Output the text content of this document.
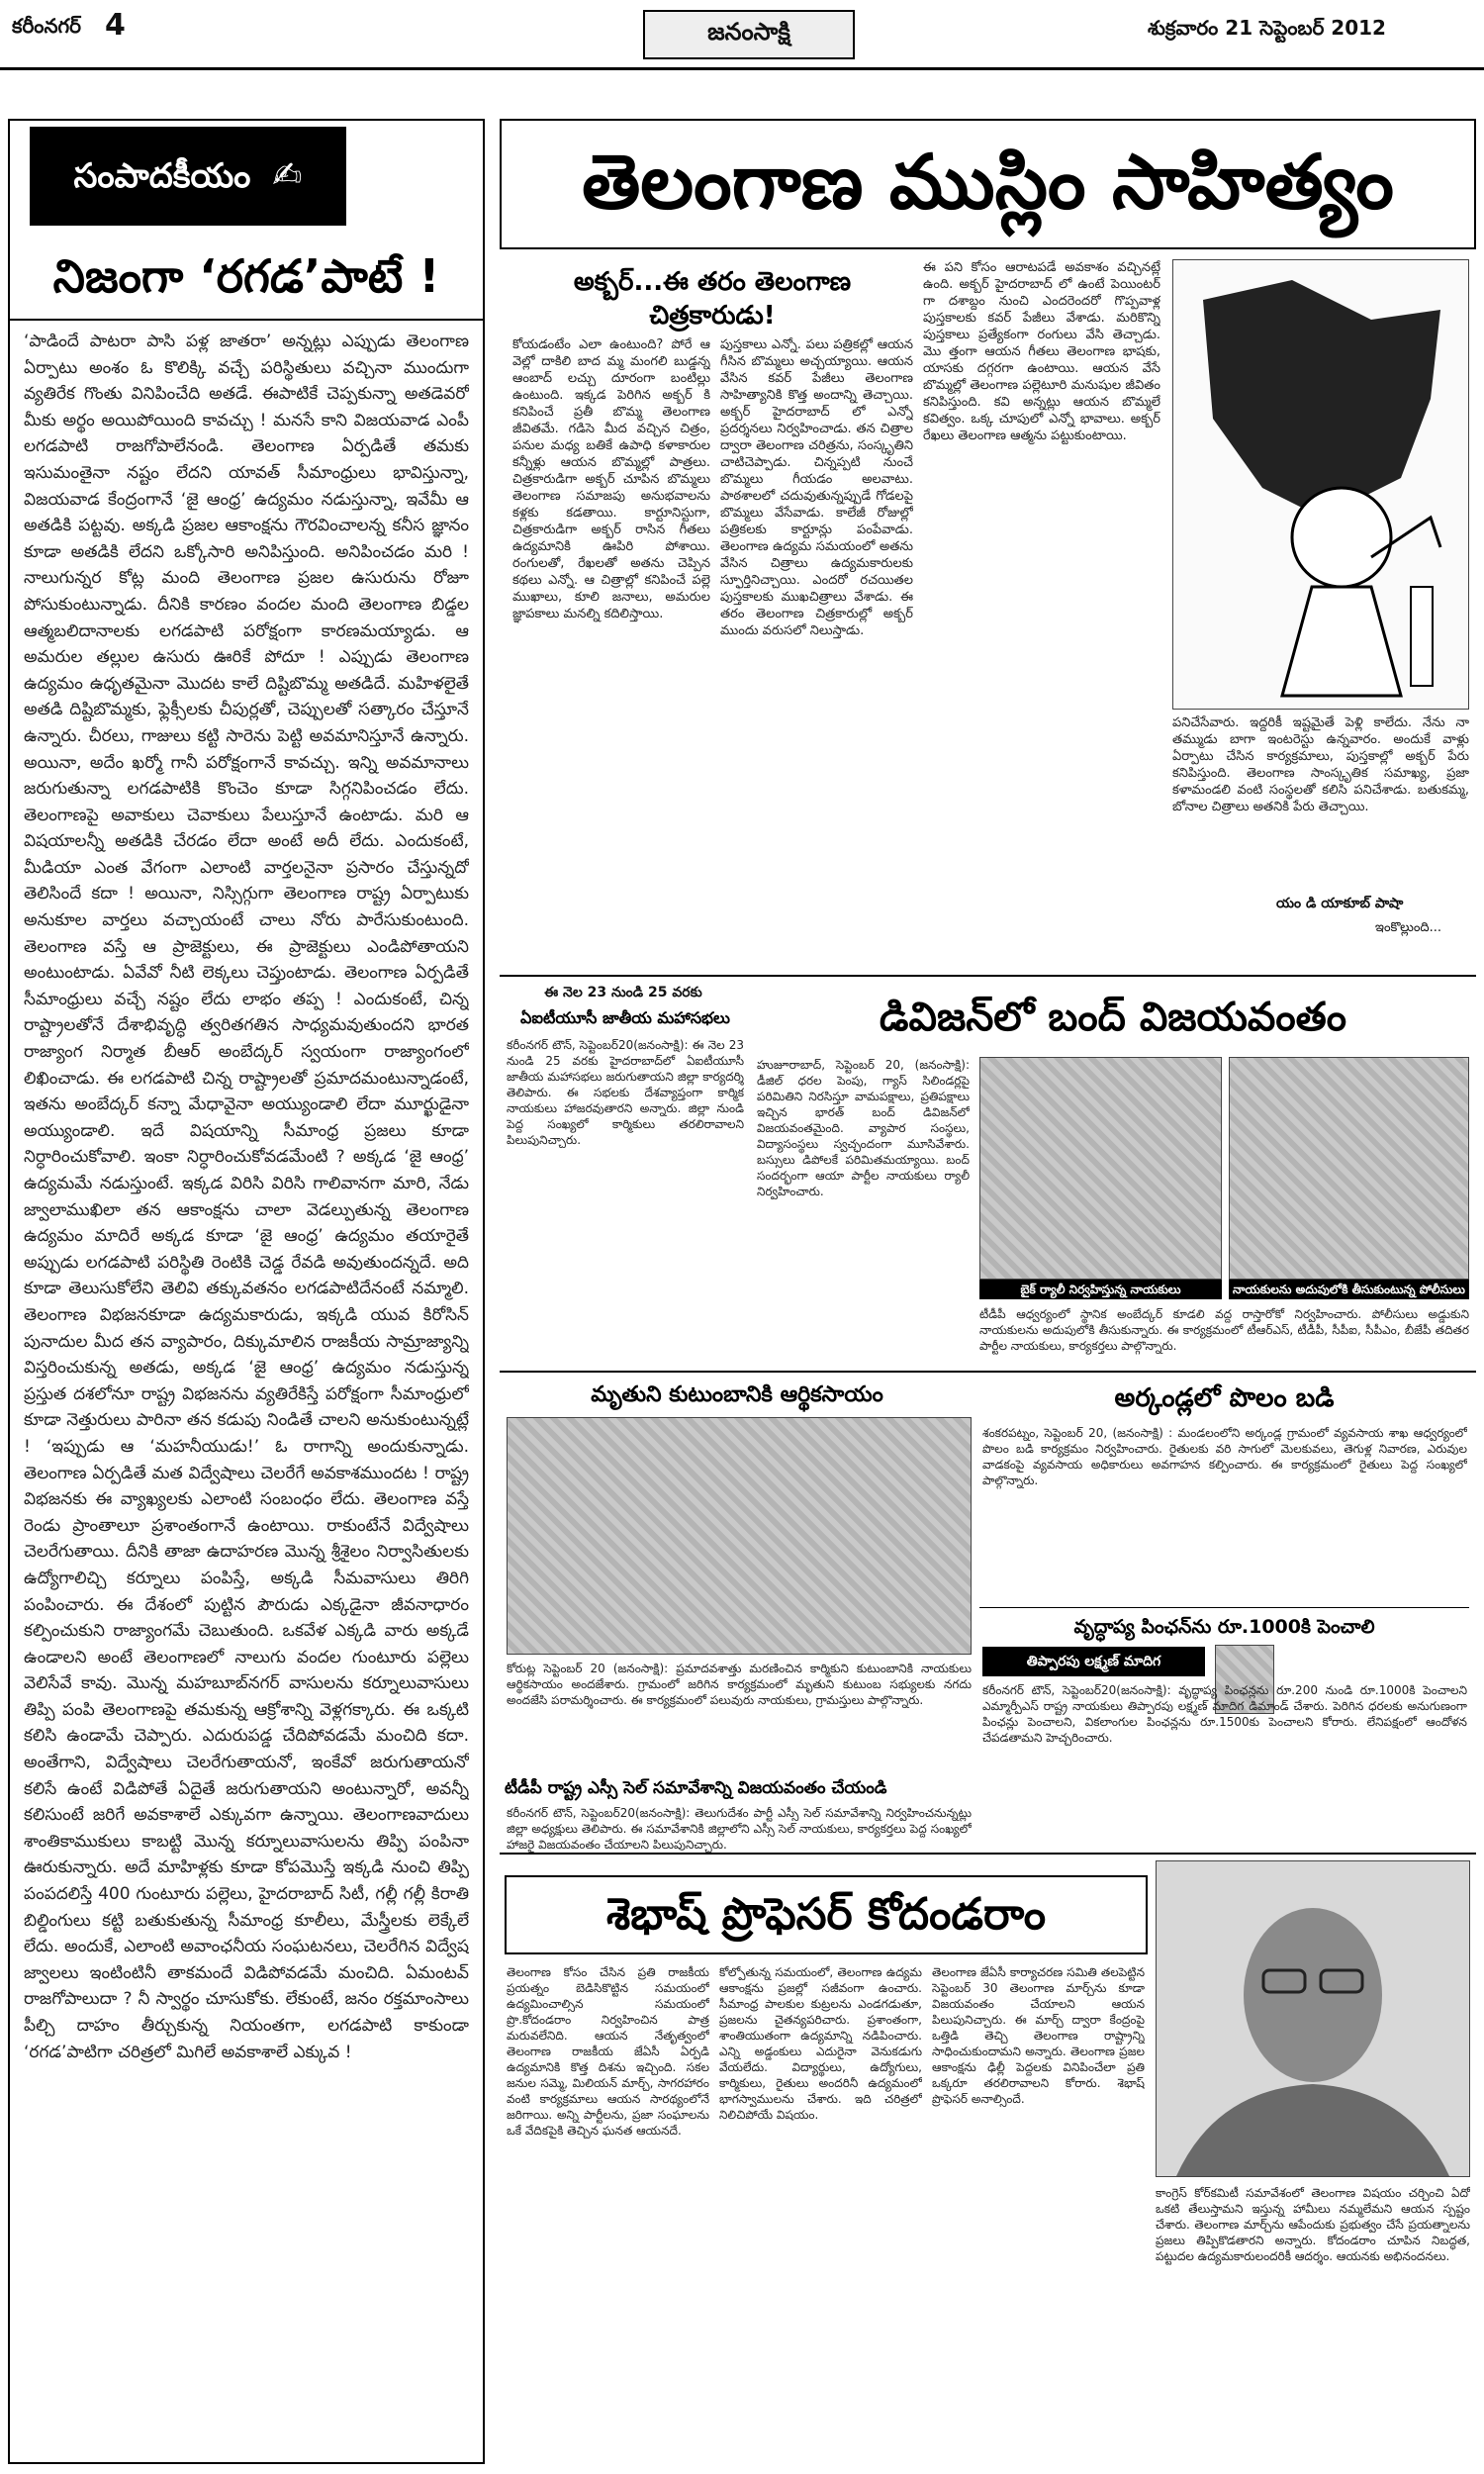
కరీంనగర్ 4	జనంసాక్షి	శుక్రవారం 21 సెప్టెంబర్ 2012
సంపాదకీయం ✍
నిజంగా ‘రగడ’పాటే !
‘పాడిందే పాటరా పాసి పళ్ల జాతరా’ అన్నట్లు ఎప్పుడు తెలంగాణ ఏర్పాటు అంశం ఓ కొలిక్కి వచ్చే పరిస్థితులు వచ్చినా ముందుగా వ్యతిరేక గొంతు వినిపించేది అతడే. ఈపాటికే చెప్పకున్నా అతడెవరో మీకు అర్థం అయిపోయింది కావచ్చు ! మనసే కాని విజయవాడ ఎంపీ లగడపాటి రాజగోపాలేనండి. తెలంగాణ ఏర్పడితే తమకు ఇసుమంతైనా నష్టం లేదని యావత్ సీమాంధ్రులు భావిస్తున్నా, విజయవాడ కేంద్రంగానే ‘జై ఆంధ్ర’ ఉద్యమం నడుస్తున్నా, ఇవేమీ ఆ అతడికి పట్టవు. అక్కడి ప్రజల ఆకాంక్షను గౌరవించాలన్న కనీస జ్ఞానం కూడా అతడికి లేదని ఒక్కోసారి అనిపిస్తుంది. అనిపించడం మరి ! నాలుగున్నర కోట్ల మంది తెలంగాణ ప్రజల ఉసురును రోజూ పోసుకుంటున్నాడు. దీనికి కారణం వందల మంది తెలంగాణ బిడ్డల ఆత్మబలిదానాలకు లగడపాటి పరోక్షంగా కారణమయ్యాడు. ఆ అమరుల తల్లుల ఉసురు ఊరికే పోదూ ! ఎప్పుడు తెలంగాణ ఉద్యమం ఉధృతమైనా మొదట కాలే దిష్టిబొమ్మ అతడిదే. మహిళలైతే అతడి దిష్టిబొమ్మకు, ఫ్లెక్సీలకు చీపుర్లతో, చెప్పులతో సత్కారం చేస్తూనే ఉన్నారు. చీరలు, గాజులు కట్టి సారెను పెట్టి అవమానిస్తూనే ఉన్నారు. అయినా, అదేం ఖర్మో గానీ పరోక్షంగానే కావచ్చు. ఇన్ని అవమానాలు జరుగుతున్నా లగడపాటికి కొంచెం కూడా సిగ్గనిపించడం లేదు. తెలంగాణపై అవాకులు చెవాకులు పేలుస్తూనే ఉంటాడు. మరి ఆ విషయాలన్నీ అతడికి చేరడం లేదా అంటే అదీ లేదు. ఎందుకంటే, మీడియా ఎంత వేగంగా ఎలాంటి వార్తలనైనా ప్రసారం చేస్తున్నదో తెలిసిందే కదా ! అయినా, నిస్సిగ్గుగా తెలంగాణ రాష్ట్ర ఏర్పాటుకు అనుకూల వార్తలు వచ్చాయంటే చాలు నోరు పారేసుకుంటుంది. తెలంగాణ వస్తే ఆ ప్రాజెక్టులు, ఈ ప్రాజెక్టులు ఎండిపోతాయని అంటుంటాడు. ఏవేవో నీటి లెక్కలు చెప్తుంటాడు. తెలంగాణ ఏర్పడితే సీమాంధ్రులు వచ్చే నష్టం లేదు లాభం తప్ప ! ఎందుకంటే, చిన్న రాష్ట్రాలతోనే దేశాభివృద్ధి త్వరితగతిన సాధ్యమవుతుందని భారత రాజ్యాంగ నిర్మాత బీఆర్ అంబేద్కర్ స్వయంగా రాజ్యాంగంలో లిఖించాడు. ఈ లగడపాటి చిన్న రాష్ట్రాలతో ప్రమాదమంటున్నాడంటే, ఇతను అంబేద్కర్ కన్నా మేధావైనా అయ్యుండాలి లేదా మూర్ఖుడైనా అయ్యుండాలి. ఇదే విషయాన్ని సీమాంధ్ర ప్రజలు కూడా నిర్ధారించుకోవాలి. ఇంకా నిర్ధారించుకోవడమేంటి ? అక్కడ ‘జై ఆంధ్ర’ ఉద్యమమే నడుస్తుంటే. ఇక్కడ విరిసి విరిసి గాలివానగా మారి, నేడు జ్వాలాముఖిలా తన ఆకాంక్షను చాలా వెడల్పుతున్న తెలంగాణ ఉద్యమం మాదిరే అక్కడ కూడా ‘జై ఆంధ్ర’ ఉద్యమం తయారైతే అప్పుడు లగడపాటి పరిస్థితి రెంటికి చెడ్డ రేవడి అవుతుందన్నదే. అది కూడా తెలుసుకోలేని తెలివి తక్కువతనం లగడపాటిదేనంటే నమ్మాలి. తెలంగాణ విభజనకూడా ఉద్యమకారుడు, ఇక్కడి యువ కిరోసిన్ పునాదుల మీద తన వ్యాపారం, దిక్కుమాలిన రాజకీయ సామ్రాజ్యాన్ని విస్తరించుకున్న అతడు, అక్కడ ‘జై ఆంధ్ర’ ఉద్యమం నడుస్తున్న ప్రస్తుత దశలోనూ రాష్ట్ర విభజనను వ్యతిరేకిస్తే పరోక్షంగా సీమాంధ్రులో కూడా నెత్తురులు పారినా తన కడుపు నిండితే చాలని అనుకుంటున్నట్లే ! ‘ఇప్పుడు ఆ ‘మహనీయుడు!’ ఓ రాగాన్ని అందుకున్నాడు. తెలంగాణ ఏర్పడితే మత విద్వేషాలు చెలరేగే అవకాశముందట ! రాష్ట్ర విభజనకు ఈ వ్యాఖ్యలకు ఎలాంటి సంబంధం లేదు. తెలంగాణ వస్తే రెండు ప్రాంతాలూ ప్రశాంతంగానే ఉంటాయి. రాకుంటేనే విద్వేషాలు చెలరేగుతాయి. దీనికి తాజా ఉదాహరణ మొన్న శ్రీశైలం నిర్వాసితులకు ఉద్యోగాలిచ్చి కర్నూలు పంపిస్తే, అక్కడి సీమవాసులు తిరిగి పంపించారు. ఈ దేశంలో పుట్టిన పౌరుడు ఎక్కడైనా జీవనాధారం కల్పించుకుని రాజ్యాంగమే చెబుతుంది. ఒకవేళ ఎక్కడి వారు అక్కడే ఉండాలని అంటే తెలంగాణలో నాలుగు వందల గుంటూరు పల్లెలు వెలిసేవే కావు. మొన్న మహబూబ్‌నగర్‌ వాసులను కర్నూలువాసులు తిప్పి పంపి తెలంగాణపై తమకున్న ఆక్రోశాన్ని వెళ్లగక్కారు. ఈ ఒక్కటి కలిసి ఉండామే చెప్పారు. ఎదురుపడ్డ చేదిపోవడమే మంచిది కదా. అంతేగాని, విద్వేషాలు చెలరేగుతాయనో, ఇంకేవో జరుగుతాయనో కలిసే ఉంటే విడిపోతే ఏదైతే జరుగుతాయని అంటున్నారో, అవన్నీ కలిసుంటే జరిగే అవకాశాలే ఎక్కువగా ఉన్నాయి. తెలంగాణవాదులు శాంతికాముకులు కాబట్టి మొన్న కర్నూలువాసులను తిప్పి పంపినా ఊరుకున్నారు. అదే మాహిళ్లకు కూడా కోపమొస్తే ఇక్కడి నుంచి తిప్పి పంపదలిస్తే 400 గుంటూరు పల్లెలు, హైదరాబాద్ సిటీ, గల్లీ గల్లీ కిరాతి బిల్డింగులు కట్టి బతుకుతున్న సీమాంధ్ర కూలీలు, మేస్త్రీలకు లెక్కేలే లేదు. అందుకే, ఎలాంటి అవాంఛనీయ సంఘటనలు, చెలరేగిన విద్వేష జ్వాలలు ఇంటింటినీ తాకమందే విడిపోవడమే మంచిది. ఏమంటవ్ రాజగోపాలుదా ? నీ స్వార్థం చూసుకోకు. లేకుంటే, జనం రక్తమాంసాలు పీల్చి దాహం తీర్చుకున్న నియంతగా, లగడపాటి కాకుండా ‘రగడ’పాటిగా చరిత్రలో మిగిలే అవకాశాలే ఎక్కువ !
తెలంగాణ ముస్లిం సాహిత్యం
అక్బర్‌...ఈ తరం తెలంగాణ చిత్రకారుడు!
కోయడంటేం ఎలా ఉంటుంది? పోరే ఆ వెల్లో దాకిలి బాద మ్మ మంగలి బుడ్డన్న ఆంబాద్ లచ్చు దూరంగా బంటిల్లు ఉంటుంది. ఇక్కడ పెరిగిన అక్బర్ కి కనిపించే ప్రతీ బొమ్మ తెలంగాణ జీవితమే. గడిసె మీద వచ్చిన చిత్రం, పనుల మధ్య బతికే ఉపాధి కళాకారుల కన్నీళ్లు ఆయన బొమ్మల్లో పాత్రలు. చిత్రకారుడిగా అక్బర్ చూపిన బొమ్మలు తెలంగాణ సమాజపు అనుభవాలను కళ్లకు కడతాయి. కార్టూనిస్టుగా, చిత్రకారుడిగా అక్బర్ రాసిన గీతలు ఉద్యమానికి ఊపిరి పోశాయి. రంగులతో, రేఖలతో అతను చెప్పిన కథలు ఎన్నో. ఆ చిత్రాల్లో కనిపించే పల్లె ముఖాలు, కూలి జనాలు, అమరుల జ్ఞాపకాలు మనల్ని కదిలిస్తాయి.
పుస్తకాలు ఎన్నో. పలు పత్రికల్లో ఆయన గీసిన బొమ్మలు అచ్చయ్యాయి. ఆయన వేసిన కవర్ పేజీలు తెలంగాణ సాహిత్యానికి కొత్త అందాన్ని తెచ్చాయి. అక్బర్ హైదరాబాద్ లో ఎన్నో ప్రదర్శనలు నిర్వహించాడు. తన చిత్రాల ద్వారా తెలంగాణ చరిత్రను, సంస్కృతిని చాటిచెప్పాడు. చిన్నప్పటి నుంచే బొమ్మలు గీయడం అలవాటు. పాఠశాలలో చదువుతున్నప్పుడే గోడలపై బొమ్మలు వేసేవాడు. కాలేజీ రోజుల్లో పత్రికలకు కార్టూన్లు పంపేవాడు. తెలంగాణ ఉద్యమ సమయంలో అతను వేసిన చిత్రాలు ఉద్యమకారులకు స్ఫూర్తినిచ్చాయి. ఎందరో రచయితల పుస్తకాలకు ముఖచిత్రాలు వేశాడు. ఈ తరం తెలంగాణ చిత్రకారుల్లో అక్బర్ ముందు వరుసలో నిలుస్తాడు.
ఈ పని కోసం ఆరాటపడే అవకాశం వచ్చినట్లే ఉంది. అక్బర్ హైదరాబాద్ లో ఉంటే పెయింటర్ గా దశాబ్దం నుంచి ఎందరెందరో గొప్పవాళ్ల పుస్తకాలకు కవర్ పేజీలు వేశాడు. మరికొన్ని పుస్తకాలు ప్రత్యేకంగా రంగులు వేసి తెచ్చాడు. మొ త్తంగా ఆయన గీతలు తెలంగాణ భాషకు, యాసకు దగ్గరగా ఉంటాయి. ఆయన వేసే బొమ్మల్లో తెలంగాణ పల్లెటూరి మనుషుల జీవితం కనిపిస్తుంది. కవి అన్నట్లు ఆయన బొమ్మలే కవిత్వం. ఒక్క చూపులో ఎన్నో భావాలు. అక్బర్ రేఖలు తెలంగాణ ఆత్మను పట్టుకుంటాయి.
పనిచేసేవారు. ఇద్దరికీ ఇష్టమైతే పెళ్లి కాలేదు. నేను నా తమ్ముడు బాగా ఇంటరెస్టు ఉన్నవారం. అందుకే వాళ్లు ఏర్పాటు చేసిన కార్యక్రమాలు, పుస్తకాల్లో అక్బర్ పేరు కనిపిస్తుంది. తెలంగాణ సాంస్కృతిక సమాఖ్య, ప్రజా కళామండలి వంటి సంస్థలతో కలిసి పనిచేశాడు. బతుకమ్మ, బోనాల చిత్రాలు అతనికి పేరు తెచ్చాయి.
యం డి యాకూబ్ పాషా
ఇంకొల్లుంది...
ఈ నెల 23 నుండి 25 వరకు
ఏఐటీయూసీ జాతీయ మహాసభలు
కరీంనగర్‌ టౌన్‌, సెప్టెంబర్‌20(జనంసాక్షి): ఈ నెల 23 నుండి 25 వరకు హైదరాబాద్‌లో ఏఐటీయూసీ జాతీయ మహాసభలు జరుగుతాయని జిల్లా కార్యదర్శి తెలిపారు. ఈ సభలకు దేశవ్యాప్తంగా కార్మిక నాయకులు హాజరవుతారని అన్నారు. జిల్లా నుండి పెద్ద సంఖ్యలో కార్మికులు తరలిరావాలని పిలుపునిచ్చారు.
డివిజన్‌లో బంద్‌ విజయవంతం
హుజూరాబాద్‌, సెప్టెంబర్‌ 20, (జనంసాక్షి): డీజిల్‌ ధరల పెంపు, గ్యాస్‌ సిలిండర్లపై పరిమితిని నిరసిస్తూ వామపక్షాలు, ప్రతిపక్షాలు ఇచ్చిన భారత్‌ బంద్‌ డివిజన్‌లో విజయవంతమైంది. వ్యాపార సంస్థలు, విద్యాసంస్థలు స్వచ్ఛందంగా మూసివేశారు. బస్సులు డిపోలకే పరిమితమయ్యాయి. బంద్‌ సందర్భంగా ఆయా పార్టీల నాయకులు ర్యాలీ నిర్వహించారు.
బైక్‌ ర్యాలీ నిర్వహిస్తున్న నాయకులు	నాయకులను అదుపులోకి తీసుకుంటున్న పోలీసులు
టీడీపీ ఆధ్వర్యంలో స్థానిక అంబేద్కర్ కూడలి వద్ద రాస్తారోకో నిర్వహించారు. పోలీసులు అడ్డుకుని నాయకులను అదుపులోకి తీసుకున్నారు. ఈ కార్యక్రమంలో టీఆర్‌ఎస్‌, టీడీపీ, సీపీఐ, సీపీఎం, బీజేపీ తదితర పార్టీల నాయకులు, కార్యకర్తలు పాల్గొన్నారు.
మృతుని కుటుంబానికి ఆర్థికసాయం
కోరుట్ల సెప్టెంబర్‌ 20 (జనంసాక్షి): ప్రమాదవశాత్తు మరణించిన కార్మికుని కుటుంబానికి నాయకులు ఆర్థికసాయం అందజేశారు. గ్రామంలో జరిగిన కార్యక్రమంలో మృతుని కుటుంబ సభ్యులకు నగదు అందజేసి పరామర్శించారు. ఈ కార్యక్రమంలో పలువురు నాయకులు, గ్రామస్తులు పాల్గొన్నారు.
అర్కండ్లలో పొలం బడి
శంకరపట్నం, సెప్టెంబర్‌ 20, (జనంసాక్షి) : మండలంలోని అర్కండ్ల గ్రామంలో వ్యవసాయ శాఖ ఆధ్వర్యంలో పొలం బడి కార్యక్రమం నిర్వహించారు. రైతులకు వరి సాగులో మెలకువలు, తెగుళ్ల నివారణ, ఎరువుల వాడకంపై వ్యవసాయ అధికారులు అవగాహన కల్పించారు. ఈ కార్యక్రమంలో రైతులు పెద్ద సంఖ్యలో పాల్గొన్నారు.
వృద్ధాప్య పింఛన్‌ను రూ.1000కి పెంచాలి
తిప్పారపు లక్ష్మణ్‌ మాదిగ
కరీంనగర్‌ టౌన్‌, సెప్టెంబర్‌20(జనంసాక్షి): వృద్ధాప్య పింఛన్లను రూ.200 నుండి రూ.1000కి పెంచాలని ఎమ్మార్పీఎస్‌ రాష్ట్ర నాయకులు తిప్పారపు లక్ష్మణ్‌ మాదిగ డిమాండ్‌ చేశారు. పెరిగిన ధరలకు అనుగుణంగా పింఛన్లు పెంచాలని, వికలాంగుల పింఛన్లను రూ.1500కు పెంచాలని కోరారు. లేనిపక్షంలో ఆందోళన చేపడతామని హెచ్చరించారు.
టీడీపీ రాష్ట్ర ఎస్సీ సెల్‌ సమావేశాన్ని విజయవంతం చేయండి
కరీంనగర్‌ టౌన్‌, సెప్టెంబర్‌20(జనంసాక్షి): తెలుగుదేశం పార్టీ ఎస్సీ సెల్‌ సమావేశాన్ని నిర్వహించనున్నట్లు జిల్లా అధ్యక్షులు తెలిపారు. ఈ సమావేశానికి జిల్లాలోని ఎస్సీ సెల్‌ నాయకులు, కార్యకర్తలు పెద్ద సంఖ్యలో హాజరై విజయవంతం చేయాలని పిలుపునిచ్చారు.
శెభాష్‌ ప్రొఫెసర్‌ కోదండరాం
తెలంగాణ కోసం చేసిన ప్రతి రాజకీయ ప్రయత్నం బెడిసికొట్టిన సమయంలో ఉద్యమించాల్సిన సమయంలో ప్రొ.కోదండరాం నిర్వహించిన పాత్ర మరువలేనిది. ఆయన నేతృత్వంలో తెలంగాణ రాజకీయ జేఏసీ ఏర్పడి ఉద్యమానికి కొత్త దిశను ఇచ్చింది. సకల జనుల సమ్మె, మిలియన్ మార్చ్, సాగరహారం వంటి కార్యక్రమాలు ఆయన సారథ్యంలోనే జరిగాయి. అన్ని పార్టీలను, ప్రజా సంఘాలను ఒకే వేదికపైకి తెచ్చిన ఘనత ఆయనదే.
కోల్పోతున్న సమయంలో, తెలంగాణ ఉద్యమ ఆకాంక్షను ప్రజల్లో సజీవంగా ఉంచారు. సీమాంధ్ర పాలకుల కుట్రలను ఎండగడుతూ, ప్రజలను చైతన్యపరిచారు. ప్రశాంతంగా, శాంతియుతంగా ఉద్యమాన్ని నడిపించారు. ఎన్ని అడ్డంకులు ఎదురైనా వెనుకడుగు వేయలేదు. విద్యార్థులు, ఉద్యోగులు, కార్మికులు, రైతులు అందరినీ ఉద్యమంలో భాగస్వాములను చేశారు. ఇది చరిత్రలో నిలిచిపోయే విషయం.
తెలంగాణ జేఏసీ కార్యాచరణ సమితి తలపెట్టిన సెప్టెంబర్‌ 30 తెలంగాణ మార్చ్‌ను కూడా విజయవంతం చేయాలని ఆయన పిలుపునిచ్చారు. ఈ మార్చ్‌ ద్వారా కేంద్రంపై ఒత్తిడి తెచ్చి తెలంగాణ రాష్ట్రాన్ని సాధించుకుందామని అన్నారు. తెలంగాణ ప్రజల ఆకాంక్షను ఢిల్లీ పెద్దలకు వినిపించేలా ప్రతి ఒక్కరూ తరలిరావాలని కోరారు. శెభాష్ ప్రొఫెసర్ అనాల్సిందే.
కాంగ్రెస్‌ కోర్‌కమిటీ సమావేశంలో తెలంగాణ విషయం చర్చించి ఏదో ఒకటి తేలుస్తామని ఇస్తున్న హామీలు నమ్మలేమని ఆయన స్పష్టం చేశారు. తెలంగాణ మార్చ్‌ను ఆపేందుకు ప్రభుత్వం చేసే ప్రయత్నాలను ప్రజలు తిప్పికొడతారని అన్నారు. కోదండరాం చూపిన నిబద్ధత, పట్టుదల ఉద్యమకారులందరికీ ఆదర్శం. ఆయనకు అభినందనలు.
